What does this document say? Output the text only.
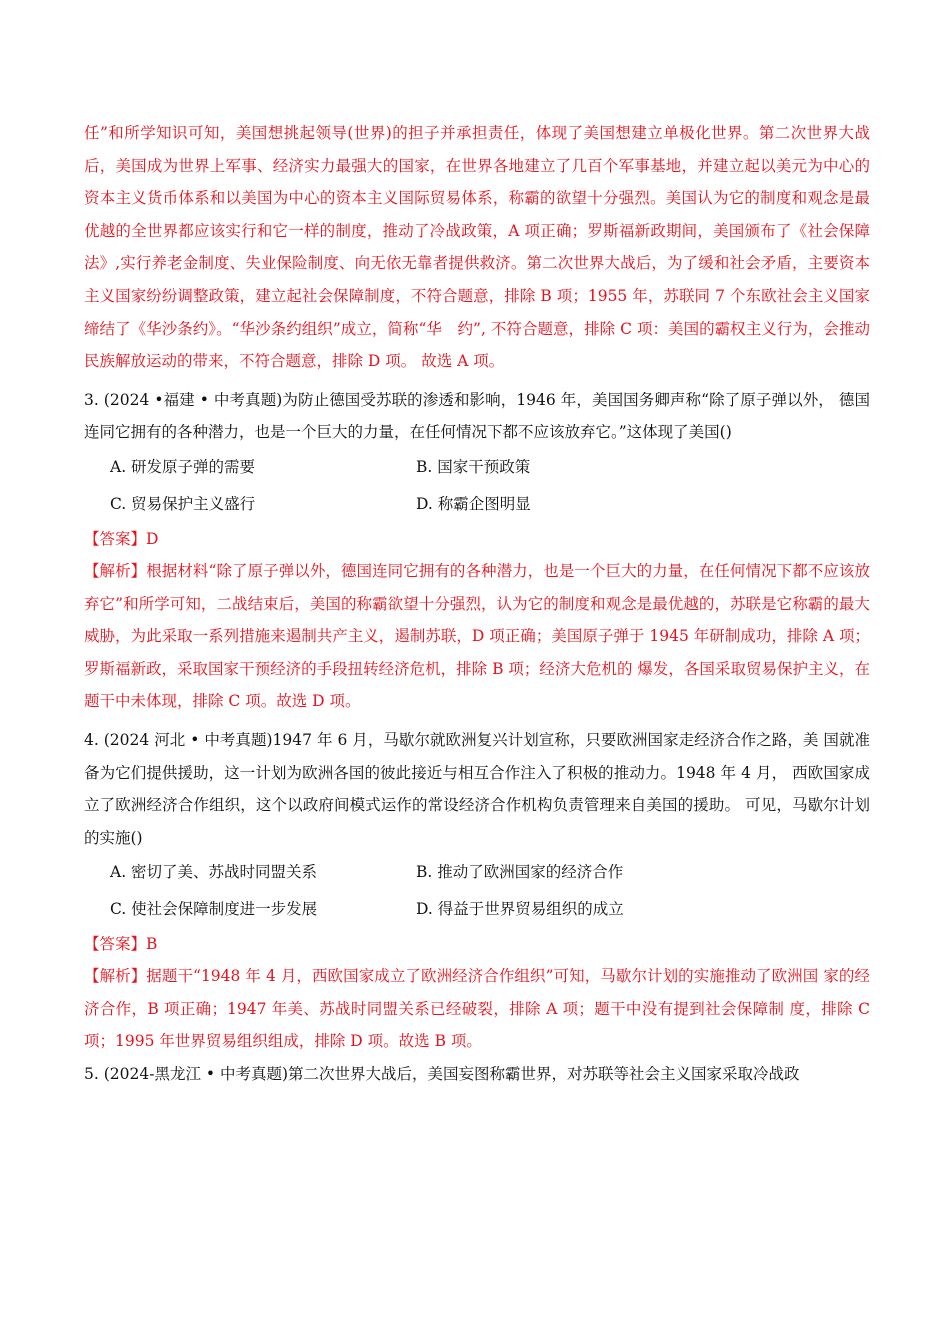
任”和所学知识可知，美国想挑起领导(世界)的担子并承担责任，体现了美国想建立单极化世界。第二次世界大战后，美国成为世界上军事、经济实力最强大的国家，在世界各地建立了几百个军事基地，并建立起以美元为中心的资本主义货币体系和以美国为中心的资本主义国际贸易体系，称霸的欲望十分强烈。美国认为它的制度和观念是最优越的全世界都应该实行和它一样的制度，推动了冷战政策，A 项正确；罗斯福新政期间，美国颁布了《社会保障法》,实行养老金制度、失业保险制度、向无依无靠者提供救济。第二次世界大战后，为了缓和社会矛盾，主要资本主义国家纷纷调整政策，建立起社会保障制度，不符合题意，排除 B 项；1955 年，苏联同 7 个东欧社会主义国家缔结了《华沙条约》。“华沙条约组织”成立，简称“华　约”, 不符合题意，排除 C 项：美国的霸权主义行为，会推动民族解放运动的带来，不符合题意，排除 D 项。 故选 A 项。

3. (2024 •福建 • 中考真题)为防止德国受苏联的渗透和影响，1946 年，美国国务卿声称“除了原子弹以外， 德国连同它拥有的各种潜力，也是一个巨大的力量，在任何情况下都不应该放弃它。”这体现了美国()

A. 研发原子弹的需要	B. 国家干预政策
C. 贸易保护主义盛行	D. 称霸企图明显

【答案】D

【解析】根据材料“除了原子弹以外，德国连同它拥有的各种潜力，也是一个巨大的力量，在任何情况下都不应该放弃它”和所学可知，二战结束后，美国的称霸欲望十分强烈，认为它的制度和观念是最优越的，苏联是它称霸的最大威胁，为此采取一系列措施来遏制共产主义，遏制苏联，D 项正确；美国原子弹于 1945 年研制成功，排除 A 项；罗斯福新政，采取国家干预经济的手段扭转经济危机，排除 B 项；经济大危机的 爆发，各国采取贸易保护主义，在题干中未体现，排除 C 项。故选 D 项。

4. (2024 河北 • 中考真题)1947 年 6 月，马歇尔就欧洲复兴计划宣称，只要欧洲国家走经济合作之路，美 国就准备为它们提供援助，这一计划为欧洲各国的彼此接近与相互合作注入了积极的推动力。1948 年 4 月， 西欧国家成立了欧洲经济合作组织，这个以政府间模式运作的常设经济合作机构负责管理来自美国的援助。 可见，马歇尔计划的实施()

A. 密切了美、苏战时同盟关系	B. 推动了欧洲国家的经济合作
C. 使社会保障制度进一步发展	D. 得益于世界贸易组织的成立

【答案】B

【解析】据题干“1948 年 4 月，西欧国家成立了欧洲经济合作组织”可知，马歇尔计划的实施推动了欧洲国 家的经济合作，B 项正确；1947 年美、苏战时同盟关系已经破裂，排除 A 项；题干中没有提到社会保障制 度，排除 C 项；1995 年世界贸易组织组成，排除 D 项。故选 B 项。

5. (2024-黑龙江 • 中考真题)第二次世界大战后，美国妄图称霸世界，对苏联等社会主义国家采取冷战政
